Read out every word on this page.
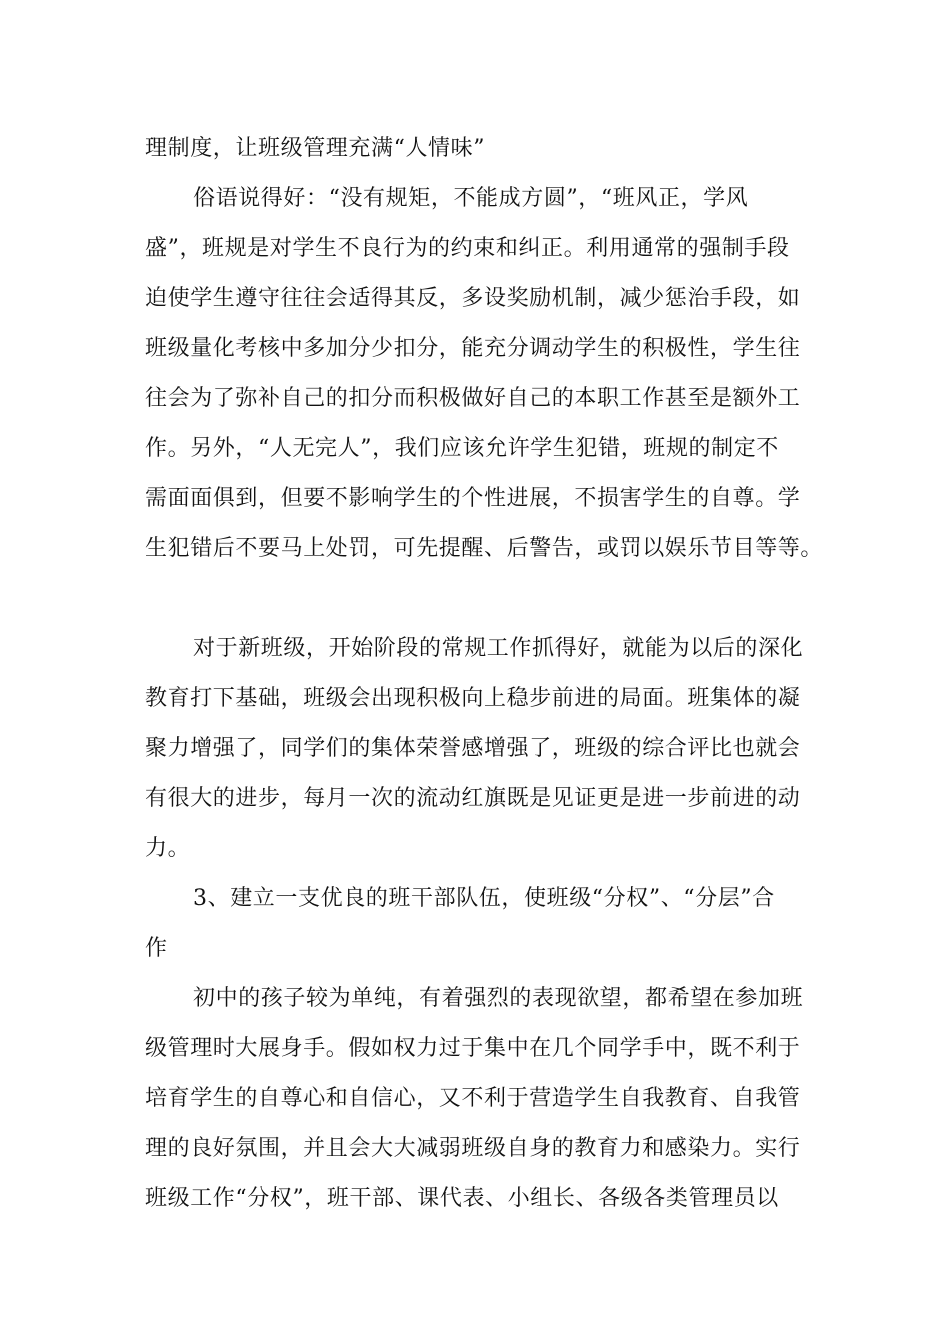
理制度，让班级管理充满“人情味”
俗语说得好：“没有规矩，不能成方圆”，“班风正，学风
盛”，班规是对学生不良行为的约束和纠正。利用通常的强制手段
迫使学生遵守往往会适得其反，多设奖励机制，减少惩治手段，如
班级量化考核中多加分少扣分，能充分调动学生的积极性，学生往
往会为了弥补自己的扣分而积极做好自己的本职工作甚至是额外工
作。另外，“人无完人”，我们应该允许学生犯错，班规的制定不
需面面俱到，但要不影响学生的个性进展，不损害学生的自尊。学
生犯错后不要马上处罚，可先提醒、后警告，或罚以娱乐节目等等。
对于新班级，开始阶段的常规工作抓得好，就能为以后的深化
教育打下基础，班级会出现积极向上稳步前进的局面。班集体的凝
聚力增强了，同学们的集体荣誉感增强了，班级的综合评比也就会
有很大的进步，每月一次的流动红旗既是见证更是进一步前进的动
力。
3、建立一支优良的班干部队伍，使班级“分权”、“分层”合
作
初中的孩子较为单纯，有着强烈的表现欲望，都希望在参加班
级管理时大展身手。假如权力过于集中在几个同学手中，既不利于
培育学生的自尊心和自信心，又不利于营造学生自我教育、自我管
理的良好氛围，并且会大大减弱班级自身的教育力和感染力。实行
班级工作“分权”，班干部、课代表、小组长、各级各类管理员以
